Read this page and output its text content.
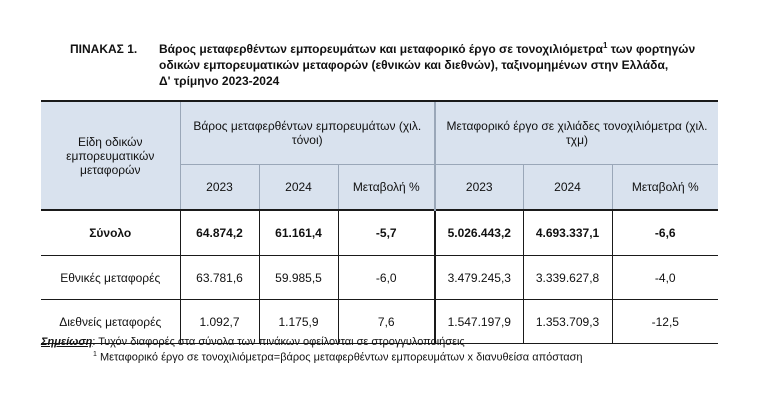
ΠΙΝΑΚΑΣ 1. Βάρος μεταφερθέντων εμπορευμάτων και μεταφορικό έργο σε τονοχιλιόμετρα$^1$ των φορτηγών
οδικών εμπορευματικών μεταφορών (εθνικών και διεθνών), ταξινομημένων στην Ελλάδα,
Δ' τρίμηνο 2023-2024
Είδη οδικών εμπορευματικών μεταφορών	Βάρος μεταφερθέντων εμπορευμάτων (χιλ. τόνοι)			Μεταφορικό έργο σε χιλιάδες τονοχιλιόμετρα (χιλ. τχμ)		
	2023	2024	Μεταβολή %	2023	2024	Μεταβολή %
Σύνολο	64.874,2	61.161,4	-5,7	5.026.443,2	4.693.337,1	-6,6
Εθνικές μεταφορές	63.781,6	59.985,5	-6,0	3.479.245,3	3.339.627,8	-4,0
Διεθνείς μεταφορές	1.092,7	1.175,9	7,6	1.547.197,9	1.353.709,3	-12,5
Σημείωση: Τυχόν διαφορές στα σύνολα των πινάκων οφείλονται σε στρογγυλοποιήσεις
$^1$ Μεταφορικό έργο σε τονοχιλιόμετρα=βάρος μεταφερθέντων εμπορευμάτων x διανυθείσα απόσταση
